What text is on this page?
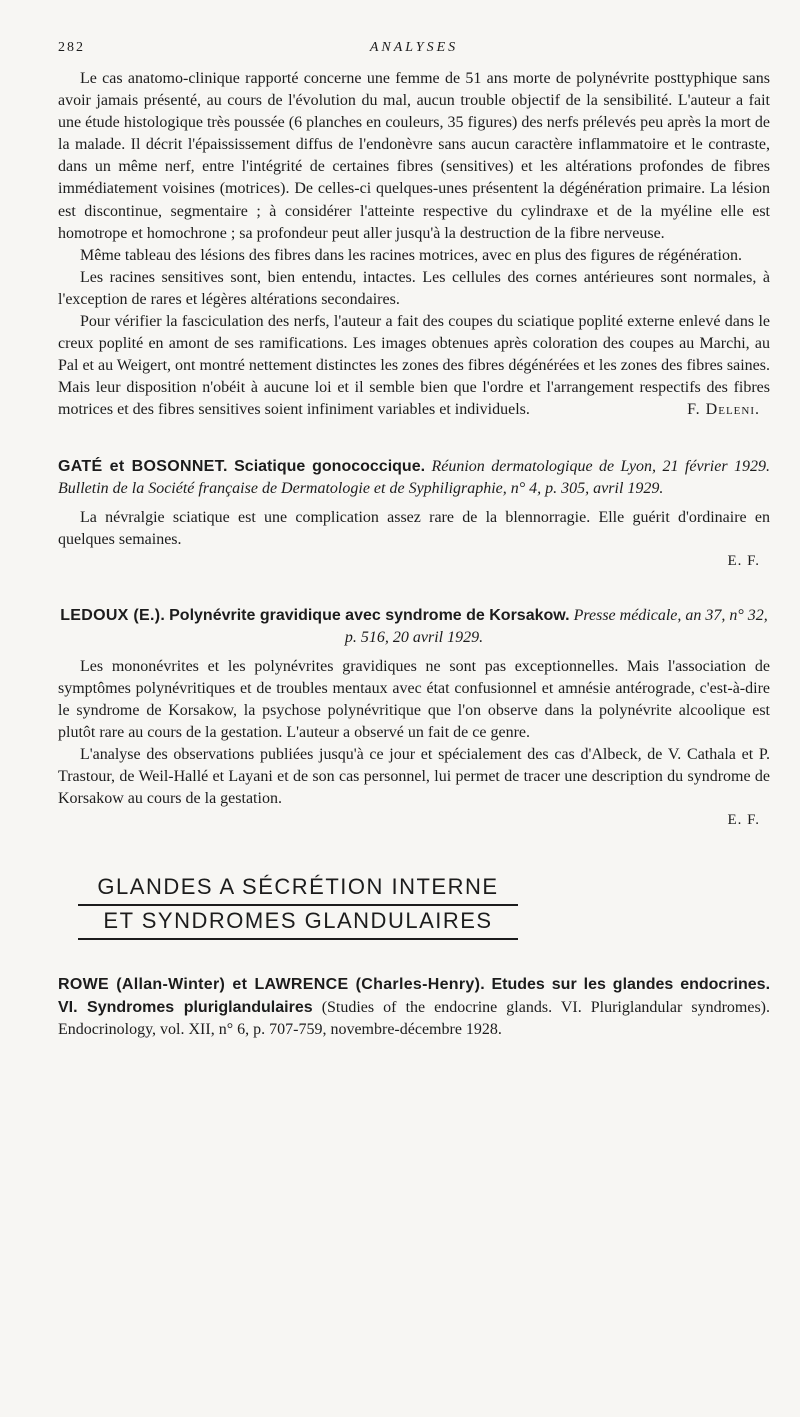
282	ANALYSES

Le cas anatomo-clinique rapporté concerne une femme de 51 ans morte de polynévrite posttyphique sans avoir jamais présenté, au cours de l'évolution du mal, aucun trouble objectif de la sensibilité. L'auteur a fait une étude histologique très poussée (6 planches en couleurs, 35 figures) des nerfs prélevés peu après la mort de la malade. Il décrit l'épaississement diffus de l'endonèvre sans aucun caractère inflammatoire et le contraste, dans un même nerf, entre l'intégrité de certaines fibres (sensitives) et les altérations profondes de fibres immédiatement voisines (motrices). De celles-ci quelques-unes présentent la dégénération primaire. La lésion est discontinue, segmentaire ; à considérer l'atteinte respective du cylindraxe et de la myéline elle est homotrope et homochrone ; sa profondeur peut aller jusqu'à la destruction de la fibre nerveuse.

Même tableau des lésions des fibres dans les racines motrices, avec en plus des figures de régénération.

Les racines sensitives sont, bien entendu, intactes. Les cellules des cornes antérieures sont normales, à l'exception de rares et légères altérations secondaires.

Pour vérifier la fasciculation des nerfs, l'auteur a fait des coupes du sciatique poplité externe enlevé dans le creux poplité en amont de ses ramifications. Les images obtenues après coloration des coupes au Marchi, au Pal et au Weigert, ont montré nettement distinctes les zones des fibres dégénérées et les zones des fibres saines. Mais leur disposition n'obéit à aucune loi et il semble bien que l'ordre et l'arrangement respectifs des fibres motrices et des fibres sensitives soient infiniment variables et individuels.	F. Deleni.

GATÉ et BOSONNET. Sciatique gonococcique. Réunion dermatologique de Lyon, 21 février 1929. Bulletin de la Société française de Dermatologie et de Syphiligraphie, n° 4, p. 305, avril 1929.

La névralgie sciatique est une complication assez rare de la blennorragie. Elle guérit d'ordinaire en quelques semaines.

E. F.
LEDOUX (E.). Polynévrite gravidique avec syndrome de Korsakow. Presse médicale, an 37, n° 32, p. 516, 20 avril 1929.

Les mononévrites et les polynévrites gravidiques ne sont pas exceptionnelles. Mais l'association de symptômes polynévritiques et de troubles mentaux avec état confusionnel et amnésie antérograde, c'est-à-dire le syndrome de Korsakow, la psychose polynévritique que l'on observe dans la polynévrite alcoolique est plutôt rare au cours de la gestation. L'auteur a observé un fait de ce genre.

L'analyse des observations publiées jusqu'à ce jour et spécialement des cas d'Albeck, de V. Cathala et P. Trastour, de Weil-Hallé et Layani et de son cas personnel, lui permet de tracer une description du syndrome de Korsakow au cours de la gestation.

E. F.
GLANDES A SÉCRÉTION INTERNE
ET SYNDROMES GLANDULAIRES
ROWE (Allan-Winter) et LAWRENCE (Charles-Henry). Etudes sur les glandes endocrines. VI. Syndromes pluriglandulaires (Studies of the endocrine glands. VI. Pluriglandular syndromes). Endocrinology, vol. XII, n° 6, p. 707-759, novembre-décembre 1928.
